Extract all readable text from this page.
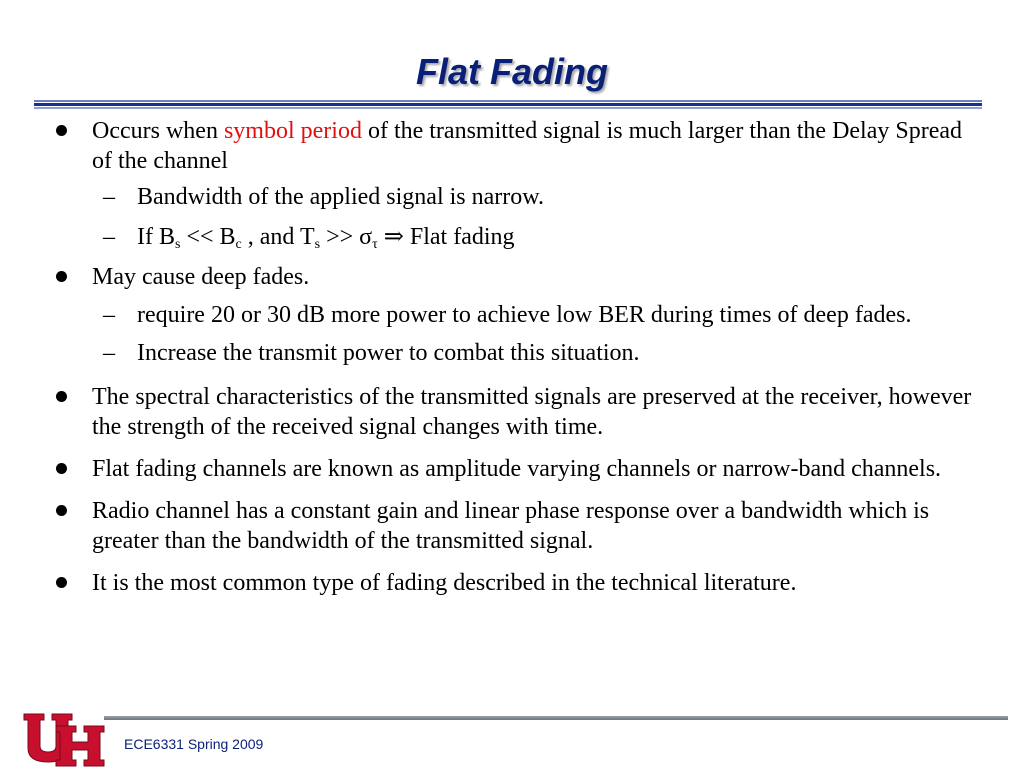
Flat Fading
Occurs when symbol period of the transmitted signal is much larger than the Delay Spread of the channel
– Bandwidth of the applied signal is narrow.
– If $B_s << B_c$ , and $T_s >> \sigma_\tau$ ⇒ Flat fading
May cause deep fades.
– require 20 or 30 dB more power to achieve low BER during times of deep fades.
– Increase the transmit power to combat this situation.
The spectral characteristics of the transmitted signals are preserved at the receiver, however the strength of the received signal changes with time.
Flat fading channels are known as amplitude varying channels or narrow-band channels.
Radio channel has a constant gain and linear phase response over a bandwidth which is greater than the bandwidth of the transmitted signal.
It is the most common type of fading described in the technical literature.
ECE6331 Spring 2009
